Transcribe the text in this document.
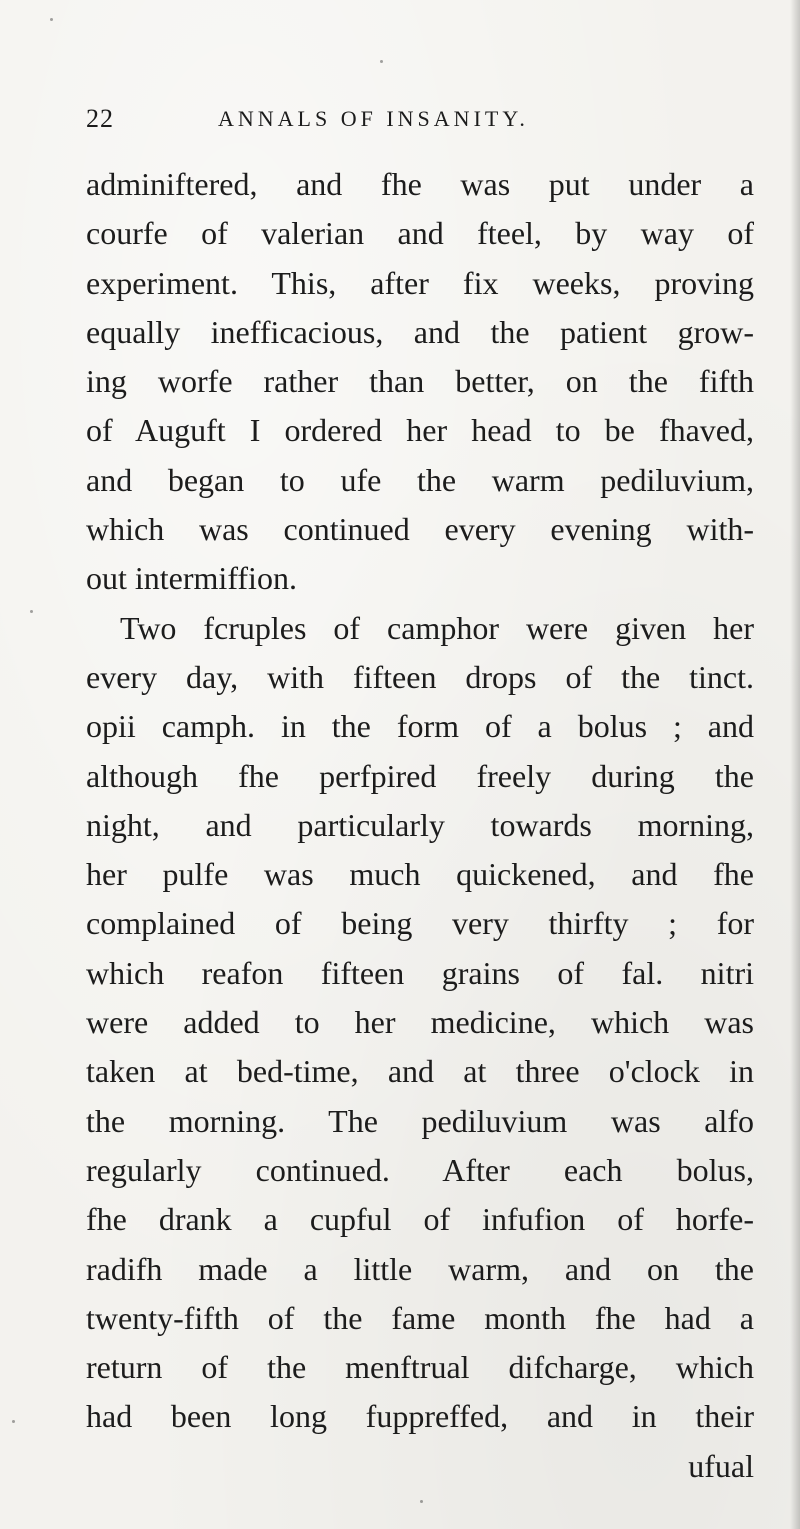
22	ANNALS OF INSANITY.
adminiftered, and fhe was put under a
courfe of valerian and fteel, by way of
experiment. This, after fix weeks, proving
equally inefficacious, and the patient grow-
ing worfe rather than better, on the fifth
of Auguft I ordered her head to be fhaved,
and began to ufe the warm pediluvium,
which was continued every evening with-
out intermiffion.
Two fcruples of camphor were given her
every day, with fifteen drops of the tinct.
opii camph. in the form of a bolus ; and
although fhe perfpired freely during the
night, and particularly towards morning,
her pulfe was much quickened, and fhe
complained of being very thirfty ; for
which reafon fifteen grains of fal. nitri
were added to her medicine, which was
taken at bed-time, and at three o'clock in
the morning. The pediluvium was alfo
regularly continued. After each bolus,
fhe drank a cupful of infufion of horfe-
radifh made a little warm, and on the
twenty-fifth of the fame month fhe had a
return of the menftrual difcharge, which
had been long fuppreffed, and in their
ufual
